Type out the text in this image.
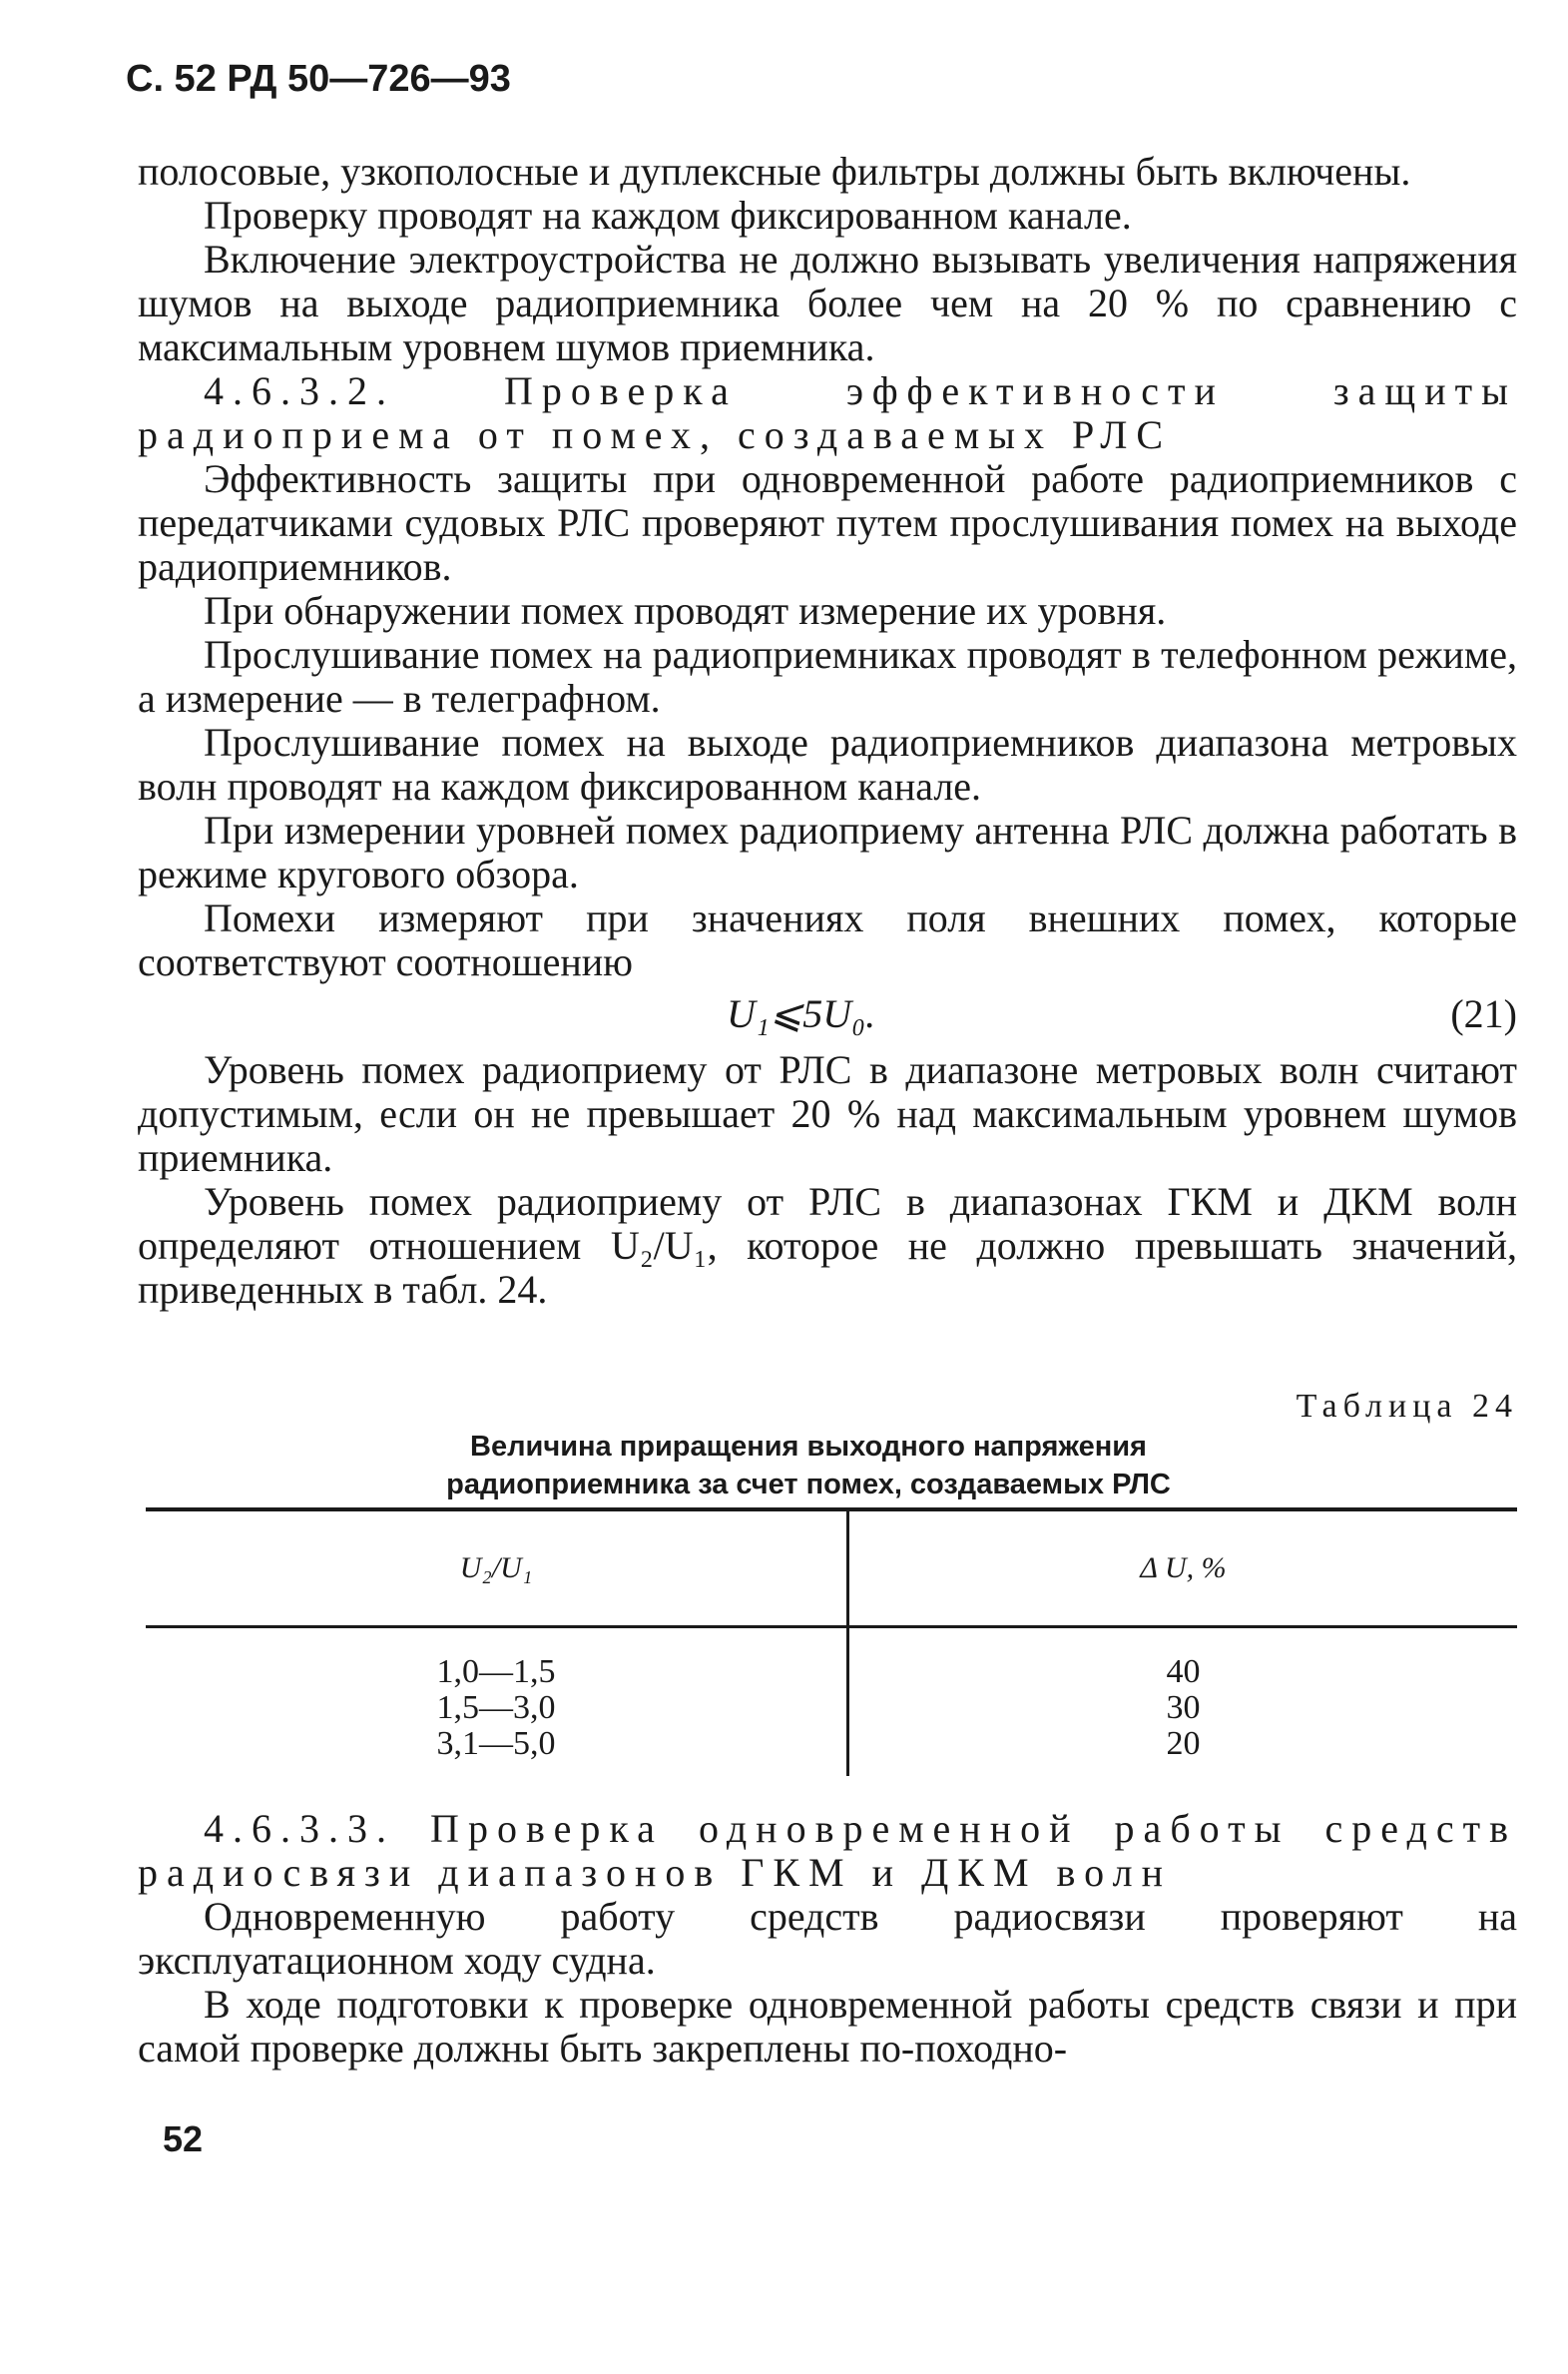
С. 52 РД 50—726—93

полосовые, узкополосные и дуплексные фильтры должны быть включены.

Проверку проводят на каждом фиксированном канале.

Включение электроустройства не должно вызывать увеличения напряжения шумов на выходе радиоприемника более чем на 20 % по сравнению с максимальным уровнем шумов приемника.

4.6.3.2. Проверка эффективности защиты радиоприема от помех, создаваемых РЛС

Эффективность защиты при одновременной работе радиоприемников с передатчиками судовых РЛС проверяют путем прослушивания помех на выходе радиоприемников.

При обнаружении помех проводят измерение их уровня.

Прослушивание помех на радиоприемниках проводят в телефонном режиме, а измерение — в телеграфном.

Прослушивание помех на выходе радиоприемников диапазона метровых волн проводят на каждом фиксированном канале.

При измерении уровней помех радиоприему антенна РЛС должна работать в режиме кругового обзора.

Помехи измеряют при значениях поля внешних помех, которые соответствуют соотношению

U₁⩽5U₀.	(21)

Уровень помех радиоприему от РЛС в диапазоне метровых волн считают допустимым, если он не превышает 20 % над максимальным уровнем шумов приемника.

Уровень помех радиоприему от РЛС в диапазонах ГКМ и ДКМ волн определяют отношением U₂/U₁, которое не должно превышать значений, приведенных в табл. 24.

Таблица 24
Величина приращения выходного напряжения
радиоприемника за счет помех, создаваемых РЛС
U₂/U₁	Δ U, %
1,0—1,5	40
1,5—3,0	30
3,1—5,0	20

4.6.3.3. Проверка одновременной работы средств радиосвязи диапазонов ГКМ и ДКМ волн

Одновременную работу средств радиосвязи проверяют на эксплуатационном ходу судна.

В ходе подготовки к проверке одновременной работы средств связи и при самой проверке должны быть закреплены по-походно-

52
